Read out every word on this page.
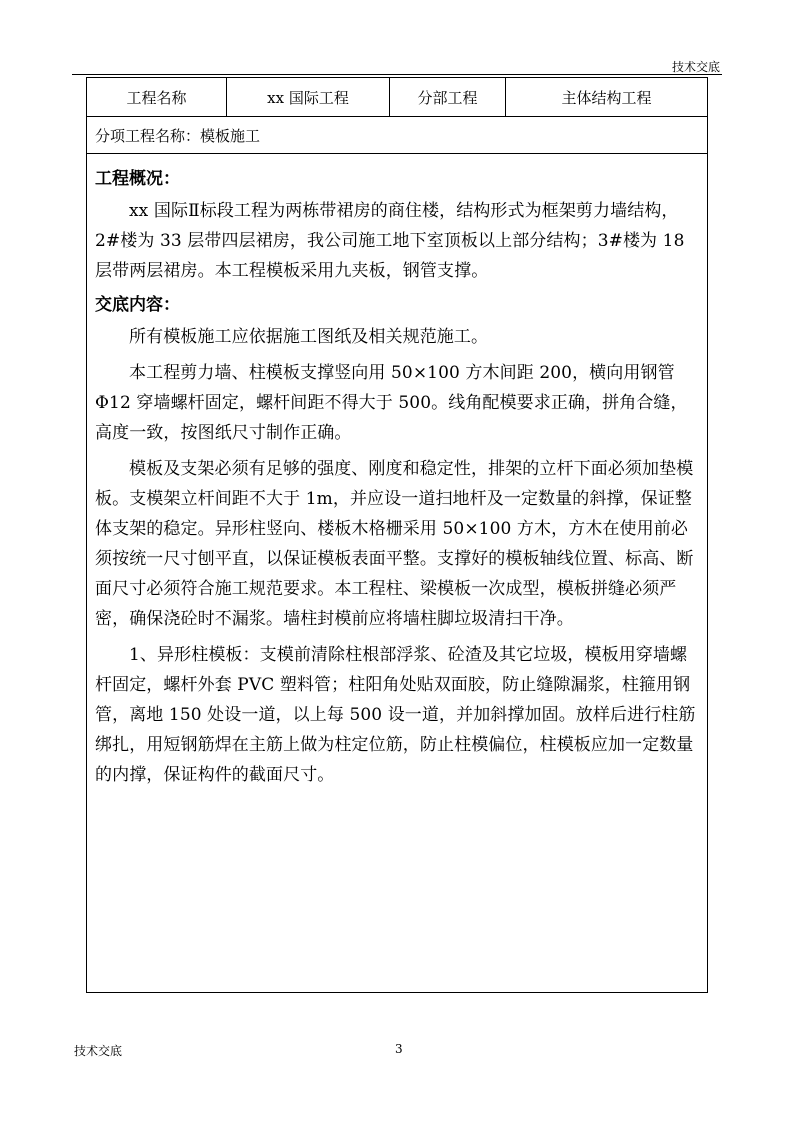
技术交底
工程名称	xx 国际工程	分部工程	主体结构工程
分项工程名称：模板施工

工程概况：

xx 国际Ⅱ标段工程为两栋带裙房的商住楼，结构形式为框架剪力墙结构，2#楼为 33 层带四层裙房，我公司施工地下室顶板以上部分结构；3#楼为 18 层带两层裙房。本工程模板采用九夹板，钢管支撑。

交底内容：

所有模板施工应依据施工图纸及相关规范施工。

本工程剪力墙、柱模板支撑竖向用 50×100 方木间距 200，横向用钢管Φ12 穿墙螺杆固定，螺杆间距不得大于 500。线角配模要求正确，拼角合缝，高度一致，按图纸尺寸制作正确。

模板及支架必须有足够的强度、刚度和稳定性，排架的立杆下面必须加垫模板。支模架立杆间距不大于 1m，并应设一道扫地杆及一定数量的斜撑，保证整体支架的稳定。异形柱竖向、楼板木格栅采用 50×100 方木，方木在使用前必须按统一尺寸刨平直，以保证模板表面平整。支撑好的模板轴线位置、标高、断面尺寸必须符合施工规范要求。本工程柱、梁模板一次成型，模板拼缝必须严密，确保浇砼时不漏浆。墙柱封模前应将墙柱脚垃圾清扫干净。

1、异形柱模板：支模前清除柱根部浮浆、砼渣及其它垃圾，模板用穿墙螺杆固定，螺杆外套 PVC 塑料管；柱阳角处贴双面胶，防止缝隙漏浆，柱箍用钢管，离地 150 处设一道，以上每 500 设一道，并加斜撑加固。放样后进行柱筋绑扎，用短钢筋焊在主筋上做为柱定位筋，防止柱模偏位，柱模板应加一定数量的内撑，保证构件的截面尺寸。

技术交底	3
